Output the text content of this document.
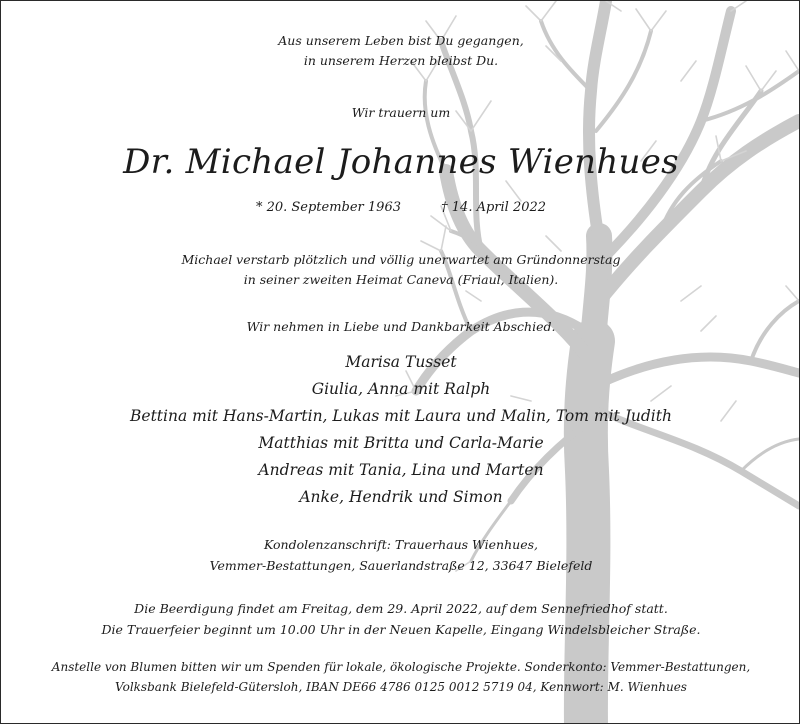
Aus unserem Leben bist Du gegangen,
in unserem Herzen bleibst Du.
Wir trauern um
Dr. Michael Johannes Wienhues
* 20. September 1963	† 14. April 2022
Michael verstarb plötzlich und völlig unerwartet am Gründonnerstag
in seiner zweiten Heimat Caneva (Friaul, Italien).
Wir nehmen in Liebe und Dankbarkeit Abschied.
Marisa Tusset
Giulia, Anna mit Ralph
Bettina mit Hans-Martin, Lukas mit Laura und Malin, Tom mit Judith
Matthias mit Britta und Carla-Marie
Andreas mit Tania, Lina und Marten
Anke, Hendrik und Simon
Kondolenzanschrift: Trauerhaus Wienhues,
Vemmer-Bestattungen, Sauerlandstraße 12, 33647 Bielefeld
Die Beerdigung findet am Freitag, dem 29. April 2022, auf dem Sennefriedhof statt.
Die Trauerfeier beginnt um 10.00 Uhr in der Neuen Kapelle, Eingang Windelsbleicher Straße.
Anstelle von Blumen bitten wir um Spenden für lokale, ökologische Projekte. Sonderkonto: Vemmer-Bestattungen,
Volksbank Bielefeld-Gütersloh, IBAN DE66 4786 0125 0012 5719 04, Kennwort: M. Wienhues
